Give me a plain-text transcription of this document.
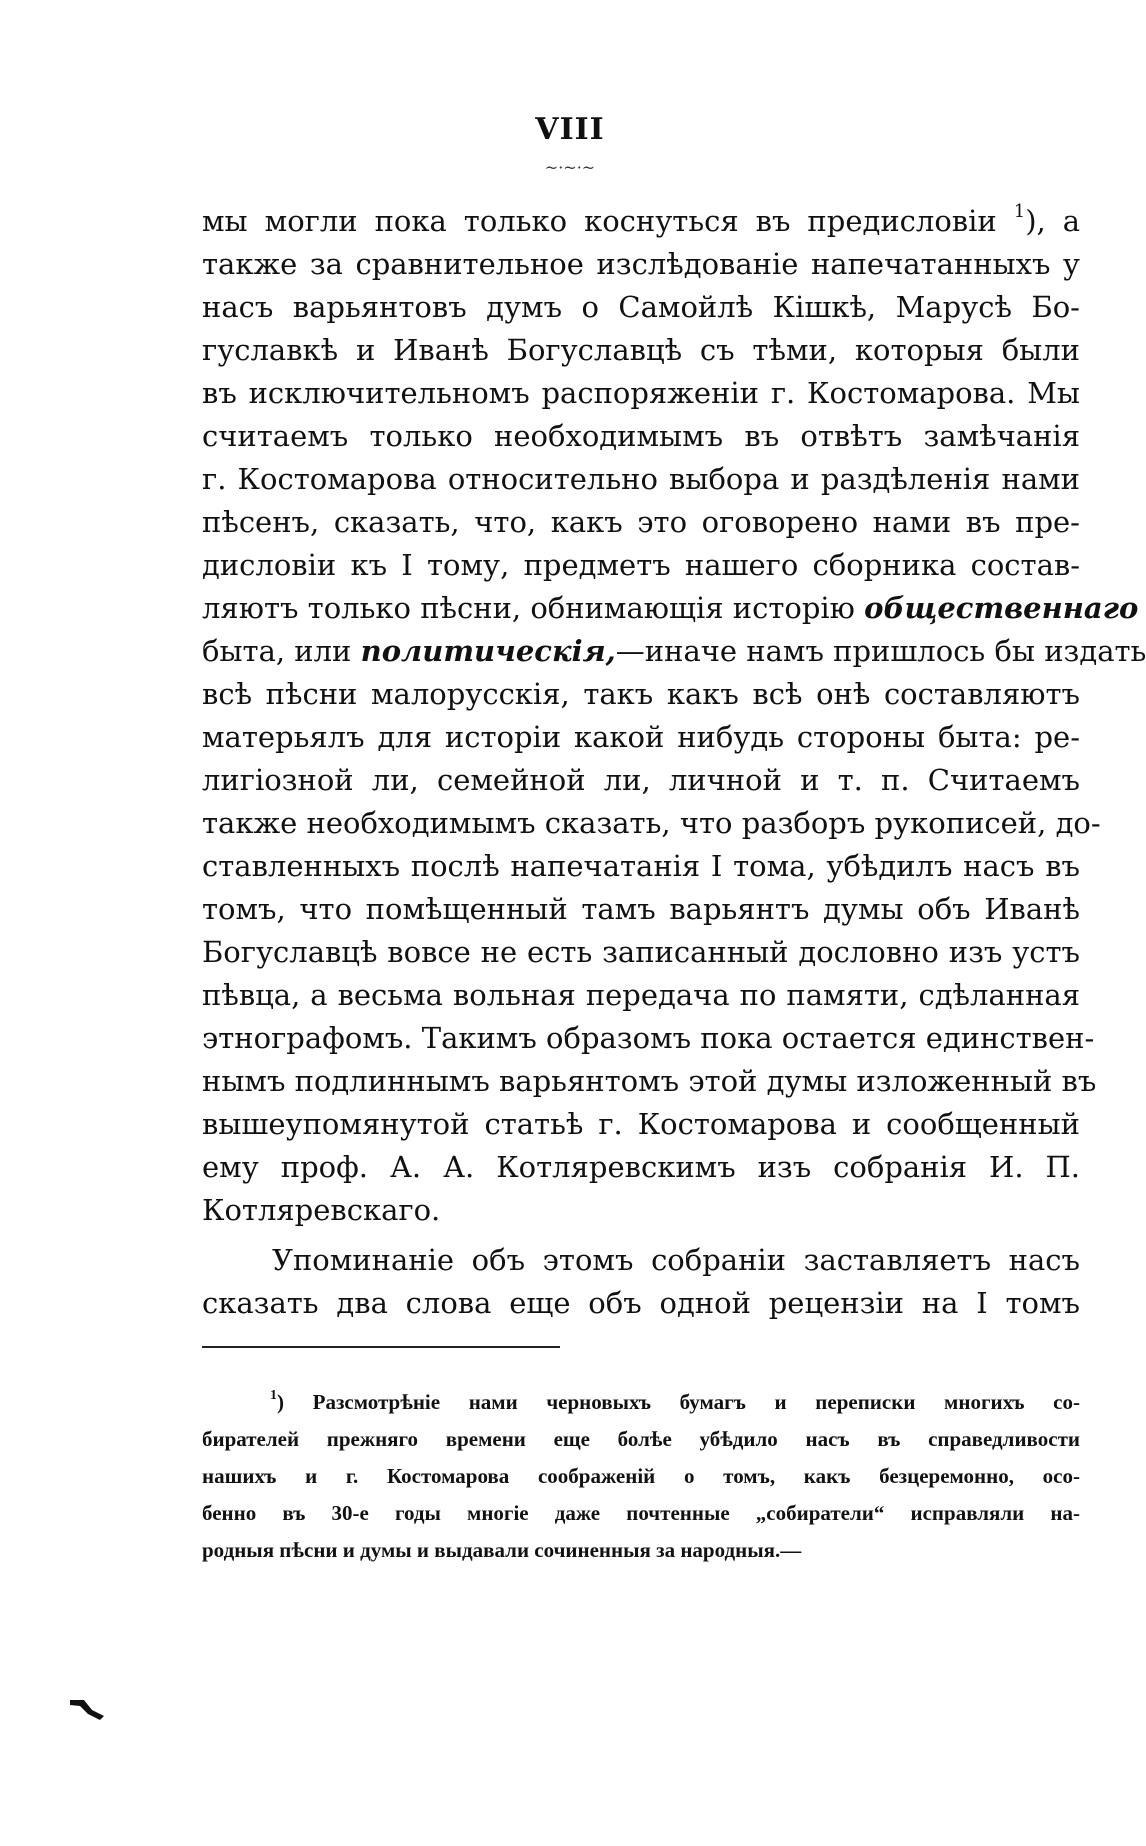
VIII
~·~·~
мы могли пока только коснуться въ предисловіи $^1$), а
также за сравнительное изслѣдованіе напечатанныхъ у
насъ варьянтовъ думъ о Самойлѣ Кішкѣ, Марусѣ Бо-
гуславкѣ и Иванѣ Богуславцѣ съ тѣми, которыя были
въ исключительномъ распоряженіи г. Костомарова. Мы
считаемъ только необходимымъ въ отвѣтъ замѣчанія
г. Костомарова относительно выбора и раздѣленія нами
пѣсенъ, сказать, что, какъ это оговорено нами въ пре-
дисловіи къ I тому, предметъ нашего сборника состав-
ляютъ только пѣсни, обнимающія исторію общественнаго
быта, или политическія,—иначе намъ пришлось бы издать
всѣ пѣсни малорусскія, такъ какъ всѣ онѣ составляютъ
матерьялъ для исторіи какой нибудь стороны быта: ре-
лигіозной ли, семейной ли, личной и т. п. Считаемъ
также необходимымъ сказать, что разборъ рукописей, до-
ставленныхъ послѣ напечатанія I тома, убѣдилъ насъ въ
томъ, что помѣщенный тамъ варьянтъ думы объ Иванѣ
Богуславцѣ вовсе не есть записанный дословно изъ устъ
пѣвца, а весьма вольная передача по памяти, сдѣланная
этнографомъ. Такимъ образомъ пока остается единствен-
нымъ подлиннымъ варьянтомъ этой думы изложенный въ
вышеупомянутой статьѣ г. Костомарова и сообщенный
ему проф. А. А. Котляревскимъ изъ собранія И. П.
Котляревскаго.
Упоминаніе объ этомъ собраніи заставляетъ насъ
сказать два слова еще объ одной рецензіи на I томъ
$^1$) Разсмотрѣніе нами черновыхъ бумагъ и переписки многихъ со-
бирателей прежняго времени еще болѣе убѣдило насъ въ справедливости
нашихъ и г. Костомарова соображеній о томъ, какъ безцеремонно, осо-
бенно въ 30-е годы многіе даже почтенные „собиратели“ исправляли на-
родныя пѣсни и думы и выдавали сочиненныя за народныя.—
